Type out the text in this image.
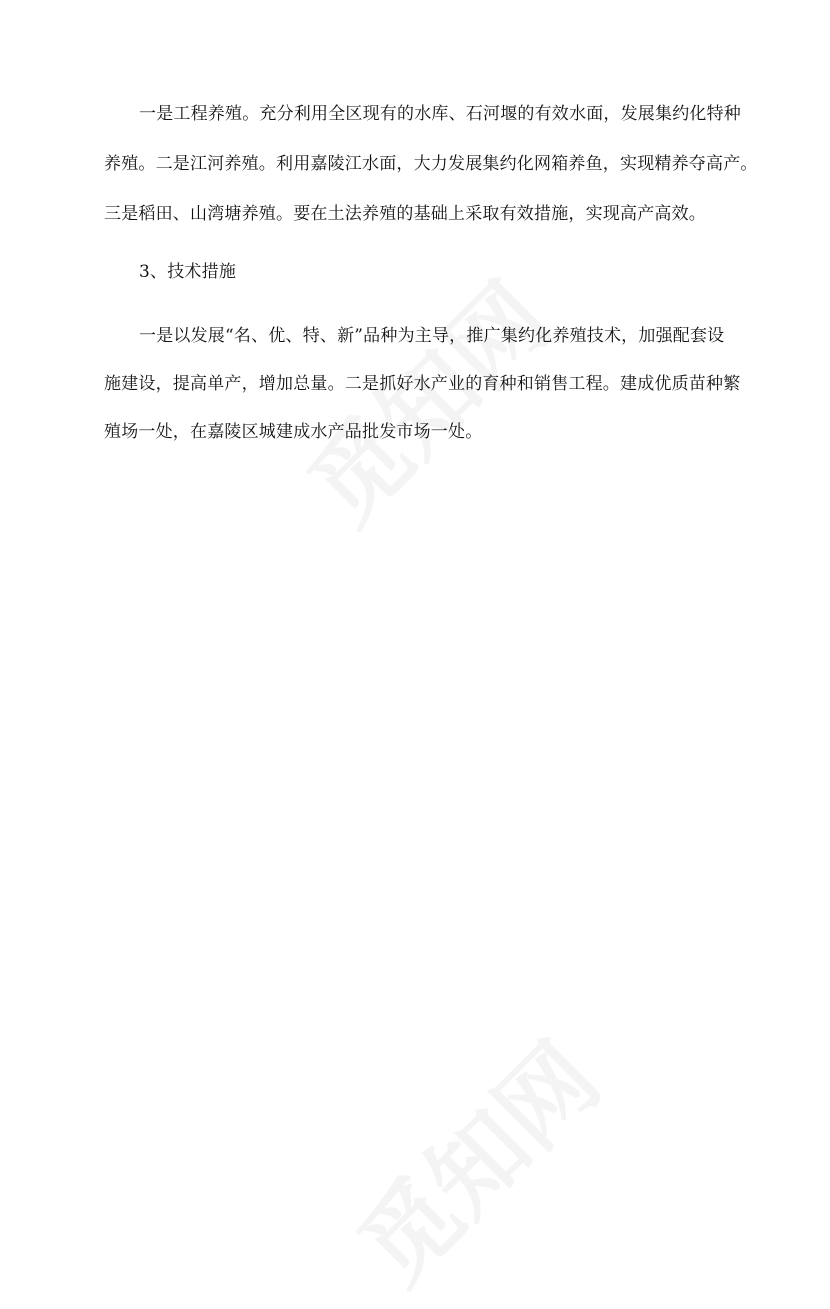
一是工程养殖。充分利用全区现有的水库、石河堰的有效水面，发展集约化特种
养殖。二是江河养殖。利用嘉陵江水面，大力发展集约化网箱养鱼，实现精养夺高产。
三是稻田、山湾塘养殖。要在土法养殖的基础上采取有效措施，实现高产高效。
3、技术措施
一是以发展“名、优、特、新”品种为主导，推广集约化养殖技术，加强配套设
施建设，提高单产，增加总量。二是抓好水产业的育种和销售工程。建成优质苗种繁
殖场一处，在嘉陵区城建成水产品批发市场一处。
